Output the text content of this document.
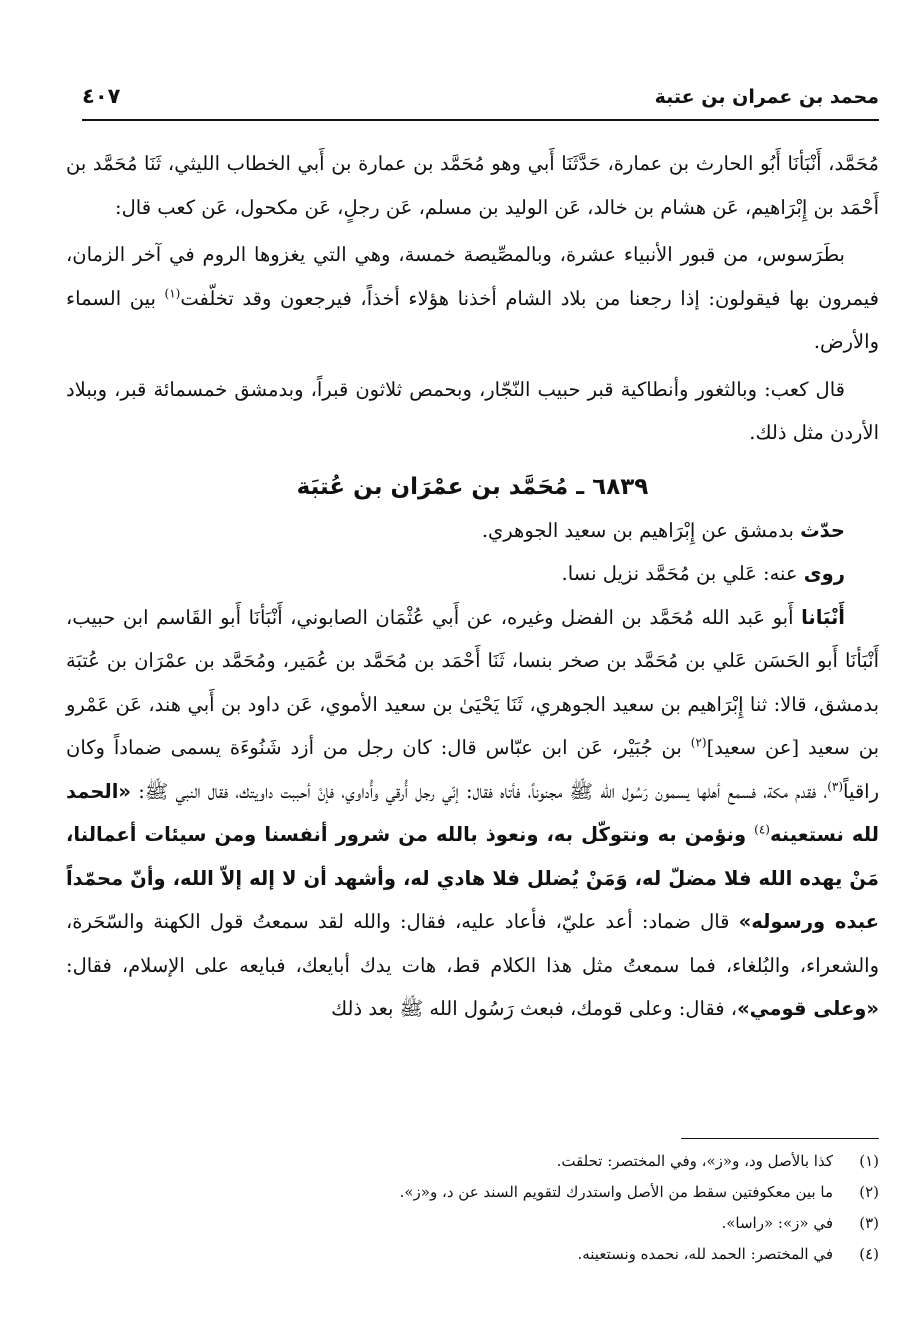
محمد بن عمران بن عتبة
٤٠٧

مُحَمَّد، أَنْبَأنَا أَبُو الحارث بن عمارة، حَدَّثَنَا أَبي وهو مُحَمَّد بن عمارة بن أَبي الخطاب الليثي، ثَنَا مُحَمَّد بن أَحْمَد بن إِبْرَاهيم، عَن هشام بن خالد، عَن الوليد بن مسلم، عَن رجلٍ، عَن مكحول، عَن كعب قال:

بطَرَسوس، من قبور الأنبياء عشرة، وبالمصِّيصة خمسة، وهي التي يغزوها الروم في آخر الزمان، فيمرون بها فيقولون: إذا رجعنا من بلاد الشام أخذنا هؤلاء أخذاً، فيرجعون وقد تخلّفت$^{(١)}$ بين السماء والأرض.

قال كعب: وبالثغور وأنطاكية قبر حبيب النّجّار، وبحمص ثلاثون قبراً، وبدمشق خمسمائة قبر، وببلاد الأردن مثل ذلك.

٦٨٣٩ ـ مُحَمَّد بن عمْرَان بن عُتبَة

حدّث بدمشق عن إِبْرَاهيم بن سعيد الجوهري.

روى عنه: عَلي بن مُحَمَّد نزيل نسا.

أَنْبَانا أَبو عَبد الله مُحَمَّد بن الفضل وغيره، عن أَبي عُثْمَان الصابوني، أَنْبَأنَا أَبو القَاسم ابن حبيب، أَنْبَأنَا أَبو الحَسَن عَلي بن مُحَمَّد بن صخر بنسا، ثَنَا أَحْمَد بن مُحَمَّد بن عُمَير، ومُحَمَّد بن عمْرَان بن عُتبَة بدمشق، قالا: ثنا إِبْرَاهيم بن سعيد الجوهري، ثَنَا يَحْيَىٰ بن سعيد الأموي، عَن داود بن أَبي هند، عَن عَمْرو بن سعيد [عن سعيد]$^{(٢)}$ بن جُبَيْر، عَن ابن عبّاس قال: كان رجل من أزد شَنُوءَة يسمى ضماداً وكان راقياً$^{(٣)}$، فقدم مكة، فسمع أهلها يسمون رَسُول الله ﷺ مجنوناً، فأتاه فقال: إنّي رجل أُرقي وأُداوي، فإنْ أحببت داويتك، فقال النبي ﷺ: «الحمد لله نستعينه$^{(٤)}$ ونؤمن به ونتوكّل به، ونعوذ بالله من شرور أنفسنا ومن سيئات أعمالنا، مَنْ يهده الله فلا مضلّ له، وَمَنْ يُضلل فلا هادي له، وأشهد أن لا إله إلاّ الله، وأنّ محمّداً عبده ورسوله» قال ضماد: أعد عليّ، فأعاد عليه، فقال: والله لقد سمعتُ قول الكهنة والسّحَرة، والشعراء، والبُلغاء، فما سمعتُ مثل هذا الكلام قط، هات يدك أبايعك، فبايعه على الإسلام، فقال: «وعلى قومي»، فقال: وعلى قومك، فبعث رَسُول الله ﷺ بعد ذلك

(١)
كذا بالأصل ود، و«ز»، وفي المختصر: تحلقت.
(٢)
ما بين معكوفتين سقط من الأصل واستدرك لتقويم السند عن د، و«ز».
(٣)
في «ز»: «راسا».
(٤)
في المختصر: الحمد لله، نحمده ونستعينه.
